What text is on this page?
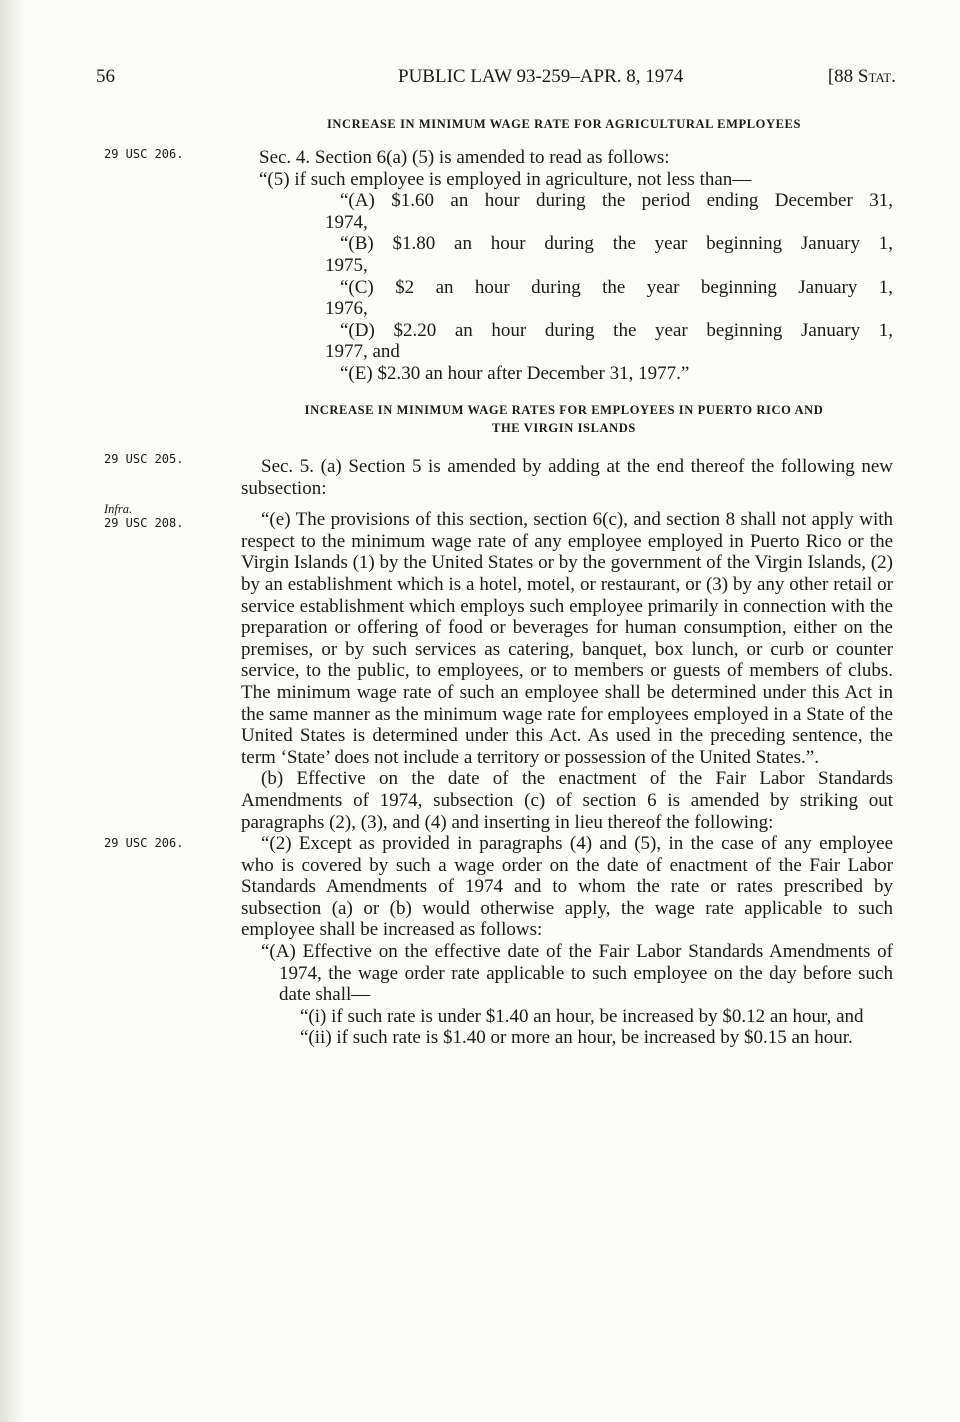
56	PUBLIC LAW 93-259–APR. 8, 1974	[88 Stat.
INCREASE IN MINIMUM WAGE RATE FOR AGRICULTURAL EMPLOYEES
29 USC 206.	Sec. 4. Section 6(a) (5) is amended to read as follows:

“(5) if such employee is employed in agriculture, not less than—

“(A) $1.60 an hour during the period ending December 31,

1974,

“(B) $1.80 an hour during the year beginning January 1,

1975,

“(C) $2 an hour during the year beginning January 1,

1976,

“(D) $2.20 an hour during the year beginning January 1,

1977, and

“(E) $2.30 an hour after December 31, 1977.”

INCREASE IN MINIMUM WAGE RATES FOR EMPLOYEES IN PUERTO RICO AND
THE VIRGIN ISLANDS
29 USC 205.
Infra.
29 USC 208.
29 USC 206.

Sec. 5. (a) Section 5 is amended by adding at the end thereof the following new subsection:

“(e) The provisions of this section, section 6(c), and section 8 shall not apply with respect to the minimum wage rate of any employee employed in Puerto Rico or the Virgin Islands (1) by the United States or by the government of the Virgin Islands, (2) by an establishment which is a hotel, motel, or restaurant, or (3) by any other retail or service establishment which employs such employee primarily in connection with the preparation or offering of food or beverages for human consumption, either on the premises, or by such services as catering, banquet, box lunch, or curb or counter service, to the public, to employees, or to members or guests of members of clubs. The minimum wage rate of such an employee shall be determined under this Act in the same manner as the minimum wage rate for employees employed in a State of the United States is determined under this Act. As used in the preceding sentence, the term ‘State’ does not include a territory or possession of the United States.”.

(b) Effective on the date of the enactment of the Fair Labor Standards Amendments of 1974, subsection (c) of section 6 is amended by striking out paragraphs (2), (3), and (4) and inserting in lieu thereof the following:

“(2) Except as provided in paragraphs (4) and (5), in the case of any employee who is covered by such a wage order on the date of enactment of the Fair Labor Standards Amendments of 1974 and to whom the rate or rates prescribed by subsection (a) or (b) would otherwise apply, the wage rate applicable to such employee shall be increased as follows:

“(A) Effective on the effective date of the Fair Labor Standards Amendments of 1974, the wage order rate applicable to such employee on the day before such date shall—

“(i) if such rate is under $1.40 an hour, be increased by $0.12 an hour, and

“(ii) if such rate is $1.40 or more an hour, be increased by $0.15 an hour.
